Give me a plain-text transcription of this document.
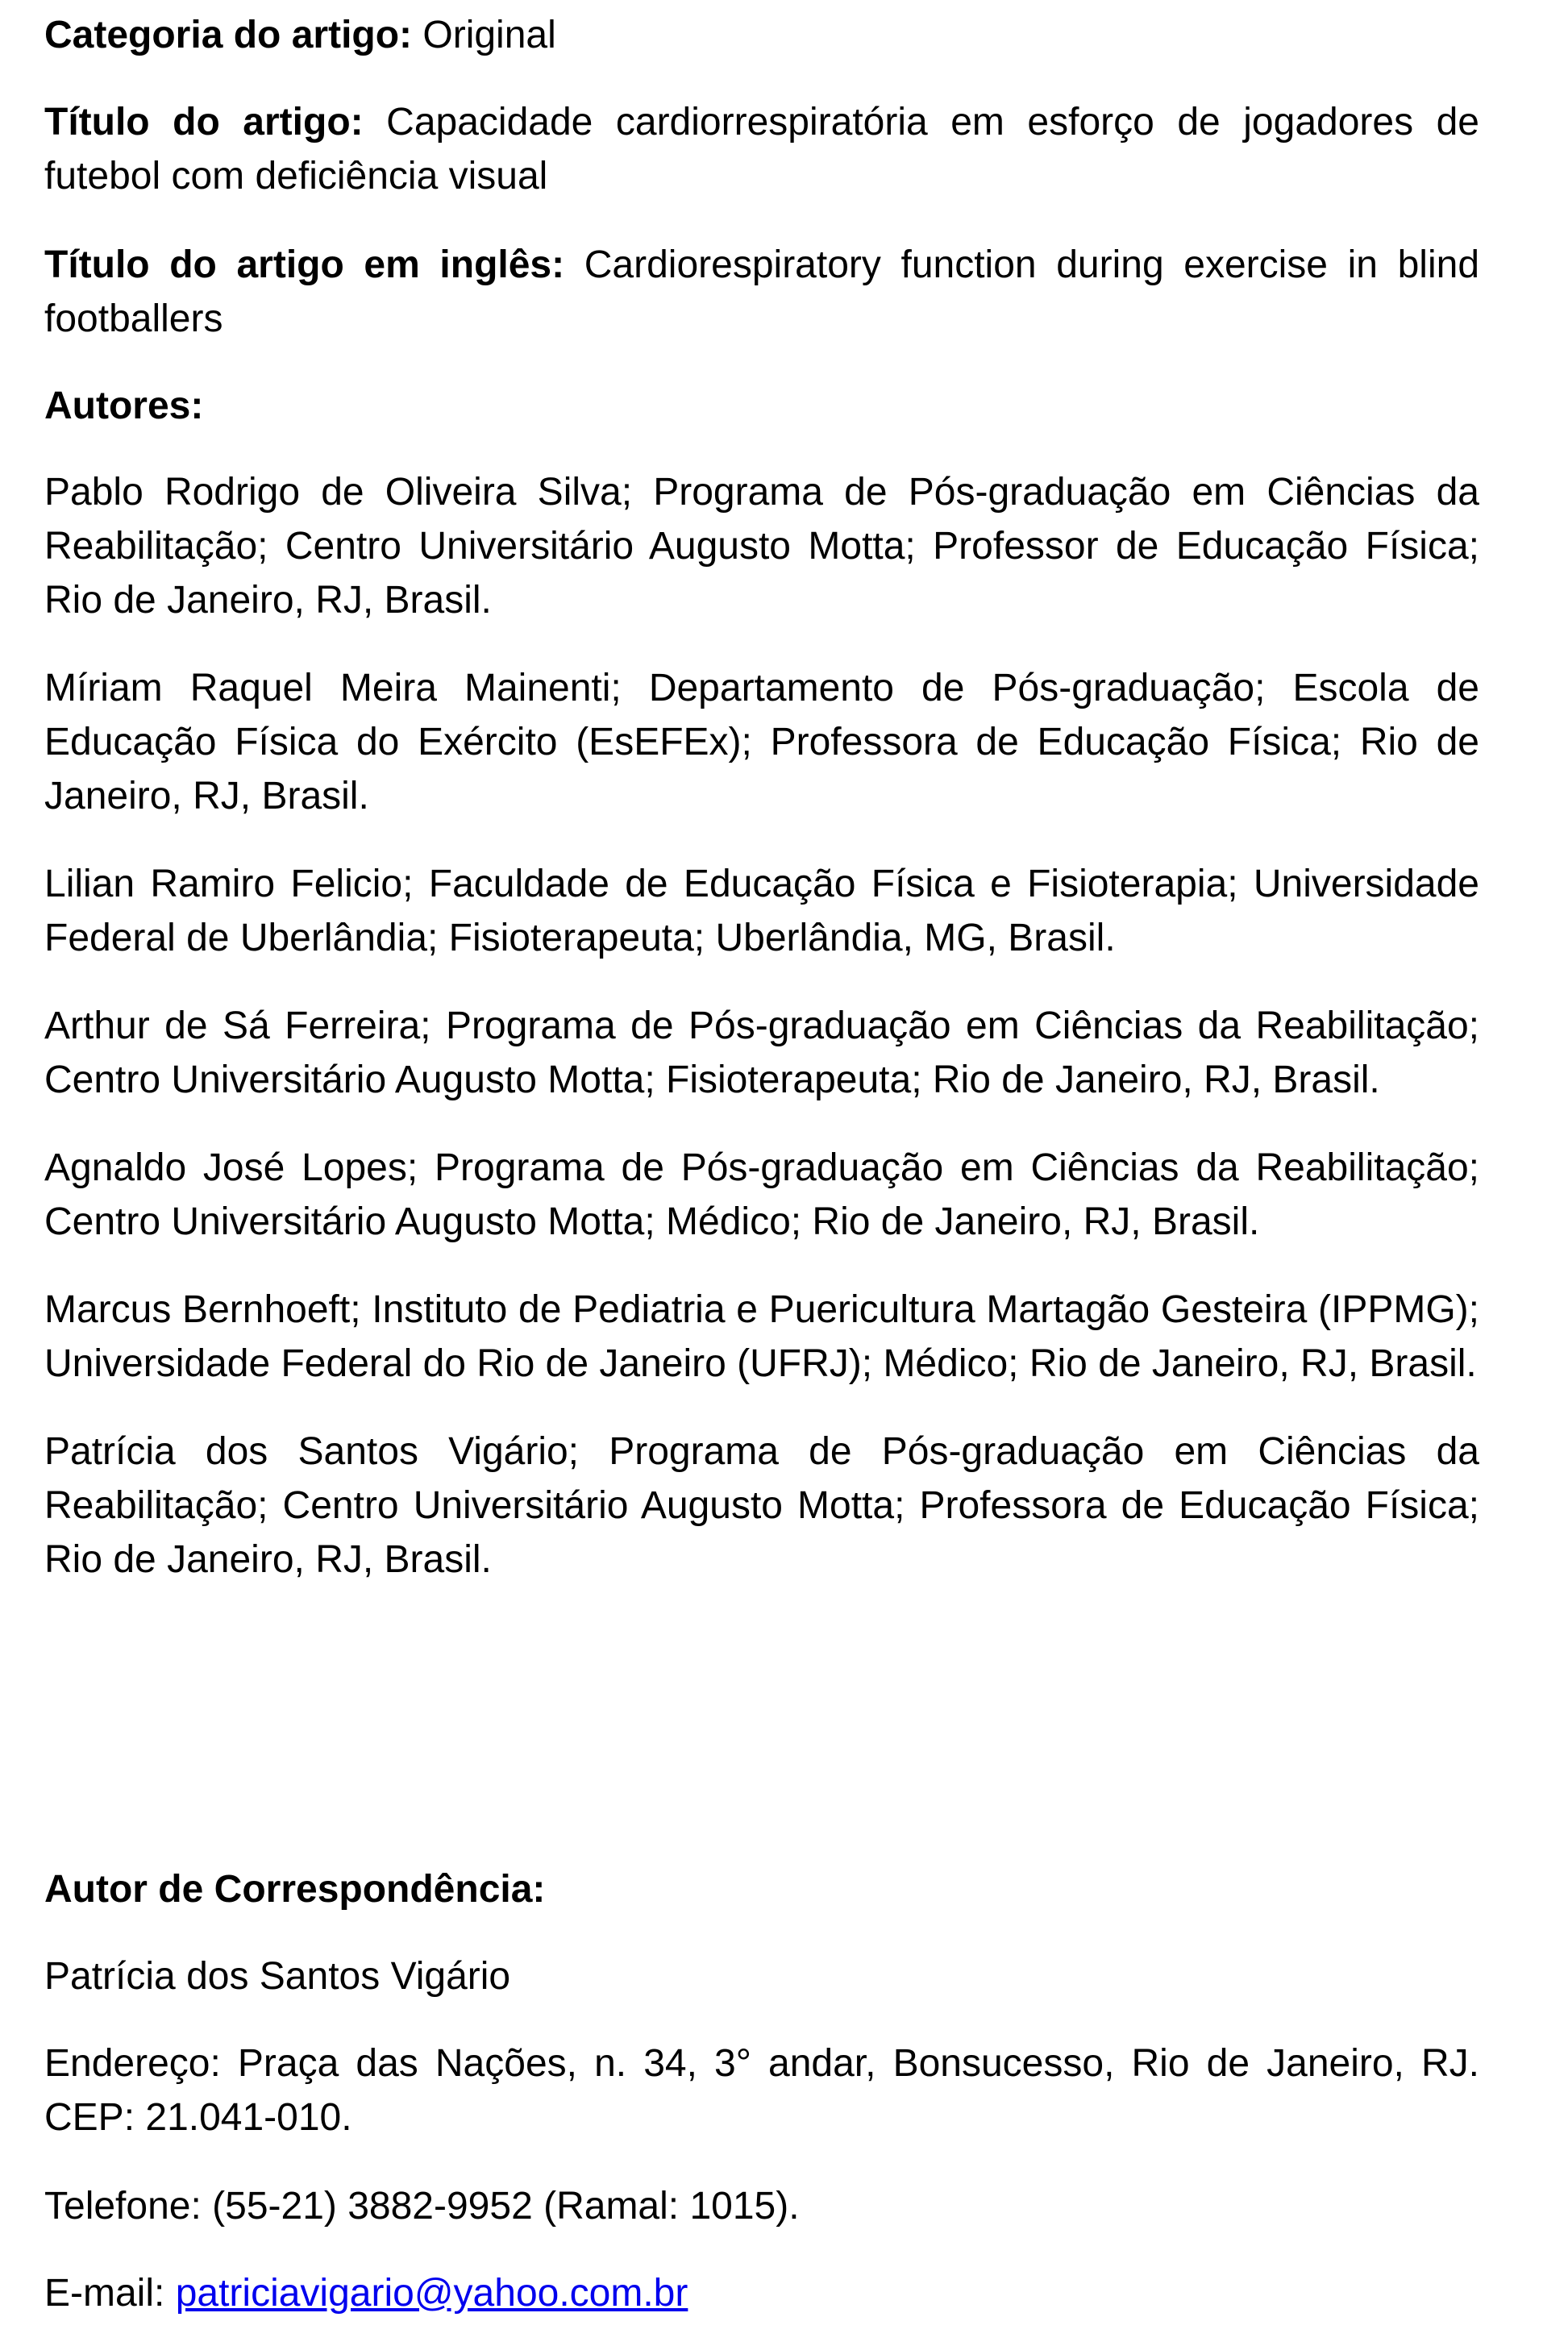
Categoria do artigo: Original

Título do artigo: Capacidade cardiorrespiratória em esforço de jogadores de futebol com deficiência visual

Título do artigo em inglês: Cardiorespiratory function during exercise in blind footballers

Autores:

Pablo Rodrigo de Oliveira Silva; Programa de Pós-graduação em Ciências da Reabilitação; Centro Universitário Augusto Motta; Professor de Educação Física; Rio de Janeiro, RJ, Brasil.

Míriam Raquel Meira Mainenti; Departamento de Pós-graduação; Escola de Educação Física do Exército (EsEFEx); Professora de Educação Física; Rio de Janeiro, RJ, Brasil.

Lilian Ramiro Felicio; Faculdade de Educação Física e Fisioterapia; Universidade Federal de Uberlândia; Fisioterapeuta; Uberlândia, MG, Brasil.

Arthur de Sá Ferreira; Programa de Pós-graduação em Ciências da Reabilitação; Centro Universitário Augusto Motta; Fisioterapeuta; Rio de Janeiro, RJ, Brasil.

Agnaldo José Lopes; Programa de Pós-graduação em Ciências da Reabilitação; Centro Universitário Augusto Motta; Médico; Rio de Janeiro, RJ, Brasil.

Marcus Bernhoeft; Instituto de Pediatria e Puericultura Martagão Gesteira (IPPMG); Universidade Federal do Rio de Janeiro (UFRJ); Médico; Rio de Janeiro, RJ, Brasil.

Patrícia dos Santos Vigário; Programa de Pós-graduação em Ciências da Reabilitação; Centro Universitário Augusto Motta; Professora de Educação Física; Rio de Janeiro, RJ, Brasil.

Autor de Correspondência:

Patrícia dos Santos Vigário

Endereço: Praça das Nações, n. 34, 3° andar, Bonsucesso, Rio de Janeiro, RJ. CEP: 21.041-010.

Telefone: (55-21) 3882-9952 (Ramal: 1015).

E-mail: patriciavigario@yahoo.com.br
